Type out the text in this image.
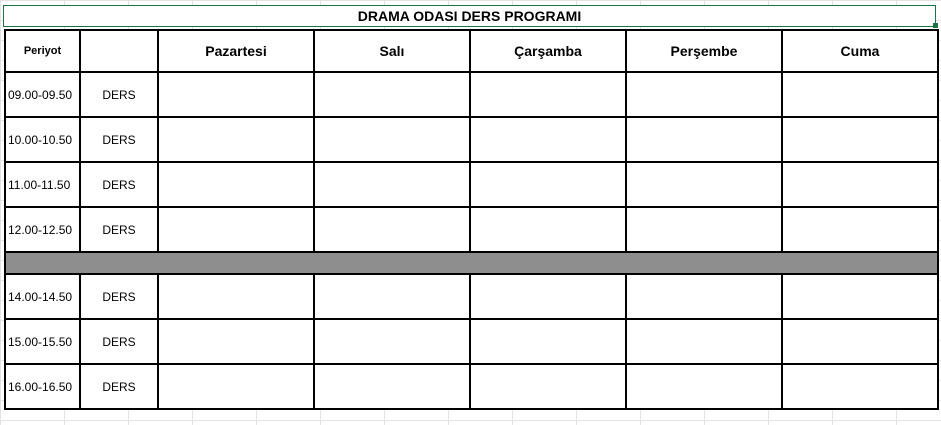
DRAMA ODASI DERS PROGRAMI
Periyot		Pazartesi	Salı	Çarşamba	Perşembe	Cuma
09.00-09.50	DERS					
10.00-10.50	DERS					
11.00-11.50	DERS					
12.00-12.50	DERS					

14.00-14.50	DERS					
15.00-15.50	DERS					
16.00-16.50	DERS					
